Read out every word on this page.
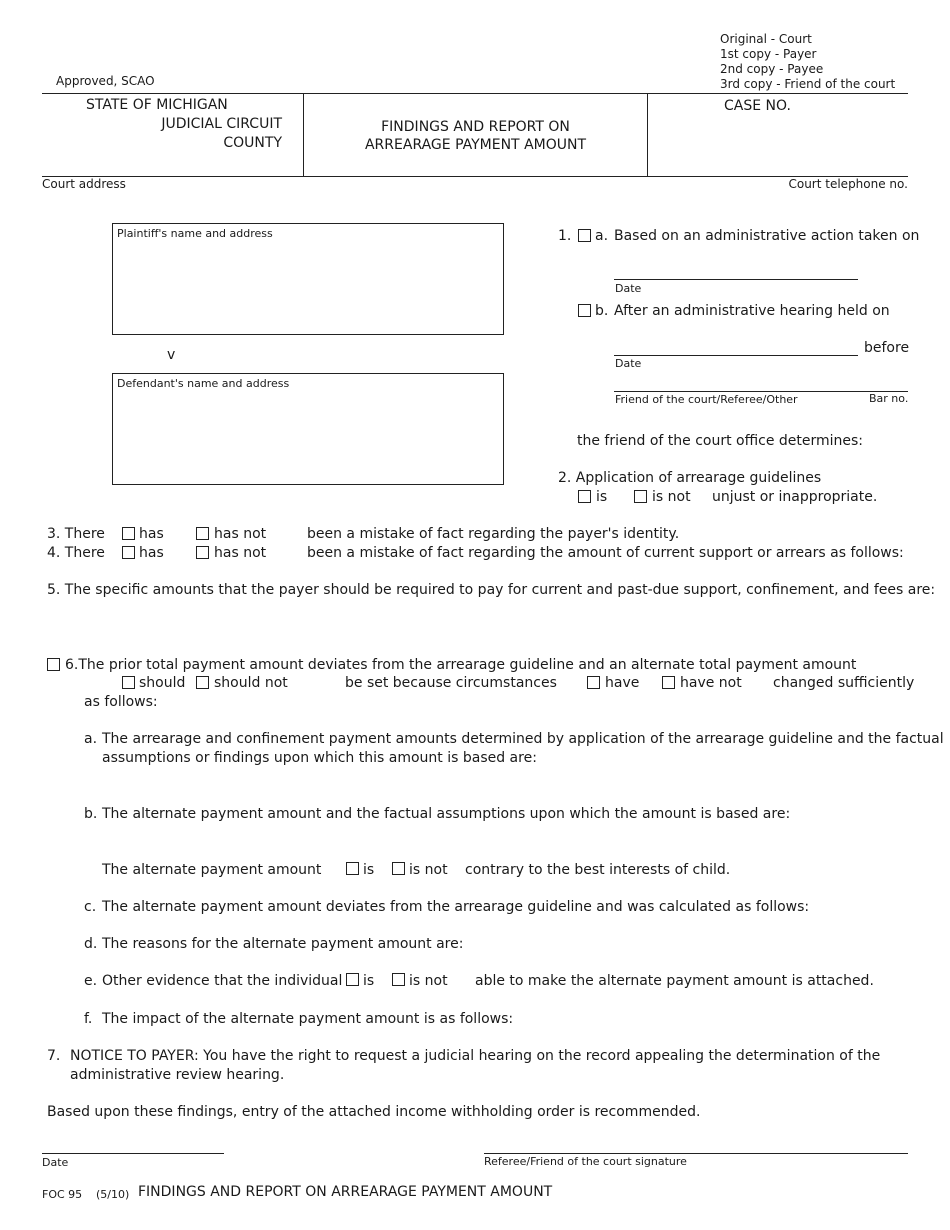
Original - Court
1st copy - Payer
2nd copy - Payee
3rd copy - Friend of the court
Approved, SCAO
STATE OF MICHIGAN
JUDICIAL CIRCUIT
COUNTY
FINDINGS AND REPORT ON
ARREARAGE PAYMENT AMOUNT
CASE NO.
Court address	Court telephone no.
Plaintiff's name and address
v
Defendant's name and address
1. a. Based on an administrative action taken on
Date
b. After an administrative hearing held on
before
Date
Friend of the court/Referee/Other	Bar no.
the friend of the court office determines:
2. Application of arrearage guidelines
is	is not unjust or inappropriate.
3. There has	has not	been a mistake of fact regarding the payer's identity.
4. There has	has not	been a mistake of fact regarding the amount of current support or arrears as follows:
5. The specific amounts that the payer should be required to pay for current and past-due support, confinement, and fees are:
6.The prior total payment amount deviates from the arrearage guideline and an alternate total payment amount
should should not	be set because circumstances	have	have not changed sufficiently
as follows:
a. The arrearage and confinement payment amounts determined by application of the arrearage guideline and the factual
assumptions or findings upon which this amount is based are:
b. The alternate payment amount and the factual assumptions upon which the amount is based are:
The alternate payment amount	is is not contrary to the best interests of child.
c. The alternate payment amount deviates from the arrearage guideline and was calculated as follows:
d. The reasons for the alternate payment amount are:
e. Other evidence that the individual is is not able to make the alternate payment amount is attached.
f. The impact of the alternate payment amount is as follows:
7. NOTICE TO PAYER: You have the right to request a judicial hearing on the record appealing the determination of the
administrative review hearing.
Based upon these findings, entry of the attached income withholding order is recommended.
Date	Referee/Friend of the court signature
FOC 95 (5/10) FINDINGS AND REPORT ON ARREARAGE PAYMENT AMOUNT
